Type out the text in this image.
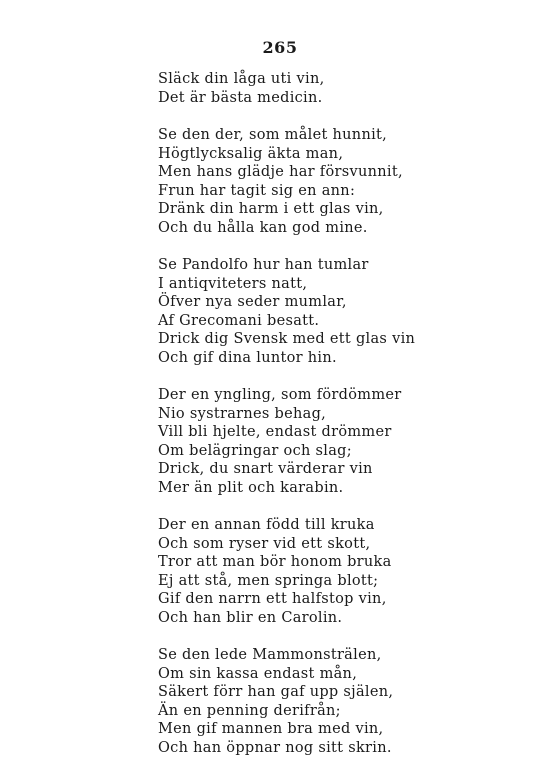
265
Släck din låga uti vin,
Det är bästa medicin.
Se den der, som målet hunnit,
Högtlycksalig äkta man,
Men hans glädje har försvunnit,
Frun har tagit sig en ann:
Dränk din harm i ett glas vin,
Och du hålla kan god mine.
Se Pandolfo hur han tumlar
I antiqviteters natt,
Öfver nya seder mumlar,
Af Grecomani besatt.
Drick dig Svensk med ett glas vin
Och gif dina luntor hin.
Der en yngling, som fördömmer
Nio systrarnes behag,
Vill bli hjelte, endast drömmer
Om belägringar och slag;
Drick, du snart värderar vin
Mer än plit och karabin.
Der en annan född till kruka
Och som ryser vid ett skott,
Tror att man bör honom bruka
Ej att stå, men springa blott;
Gif den narrn ett halfstop vin,
Och han blir en Carolin.
Se den lede Mammonsträlen,
Om sin kassa endast mån,
Säkert förr han gaf upp själen,
Än en penning derifrån;
Men gif mannen bra med vin,
Och han öppnar nog sitt skrin.
